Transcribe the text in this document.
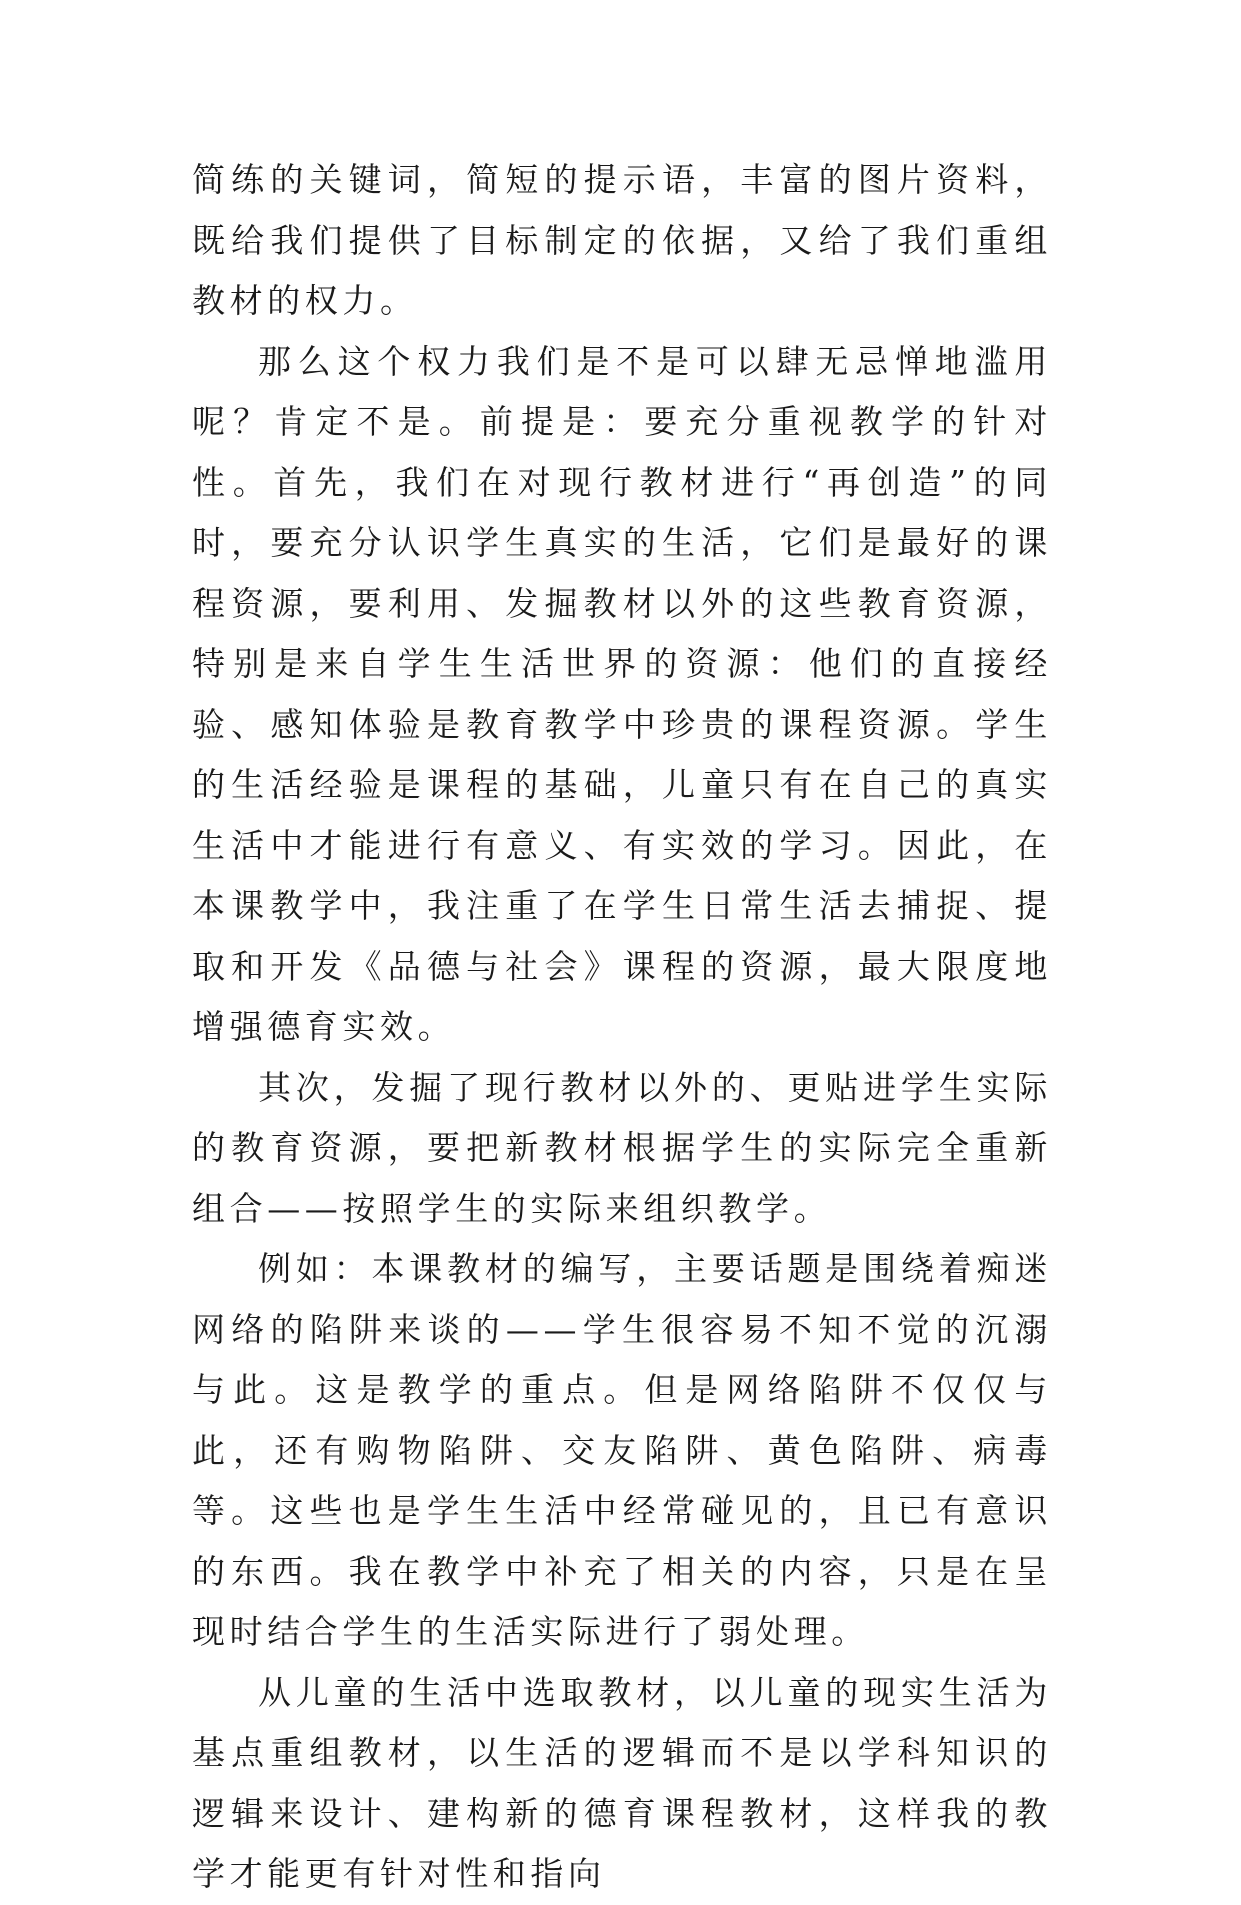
简练的关键词，简短的提示语，丰富的图片资料，既给我们提供了目标制定的依据，又给了我们重组教材的权力。

那么这个权力我们是不是可以肆无忌惮地滥用呢？肯定不是。前提是：要充分重视教学的针对性。首先，我们在对现行教材进行“再创造”的同时，要充分认识学生真实的生活，它们是最好的课程资源，要利用、发掘教材以外的这些教育资源，特别是来自学生生活世界的资源：他们的直接经验、感知体验是教育教学中珍贵的课程资源。学生的生活经验是课程的基础，儿童只有在自己的真实生活中才能进行有意义、有实效的学习。因此，在本课教学中，我注重了在学生日常生活去捕捉、提取和开发《品德与社会》课程的资源，最大限度地增强德育实效。

其次，发掘了现行教材以外的、更贴进学生实际的教育资源，要把新教材根据学生的实际完全重新组合——按照学生的实际来组织教学。

例如：本课教材的编写，主要话题是围绕着痴迷网络的陷阱来谈的——学生很容易不知不觉的沉溺与此。这是教学的重点。但是网络陷阱不仅仅与此，还有购物陷阱、交友陷阱、黄色陷阱、病毒等。这些也是学生生活中经常碰见的，且已有意识的东西。我在教学中补充了相关的内容，只是在呈现时结合学生的生活实际进行了弱处理。

从儿童的生活中选取教材，以儿童的现实生活为基点重组教材，以生活的逻辑而不是以学科知识的逻辑来设计、建构新的德育课程教材，这样我的教学才能更有针对性和指向
